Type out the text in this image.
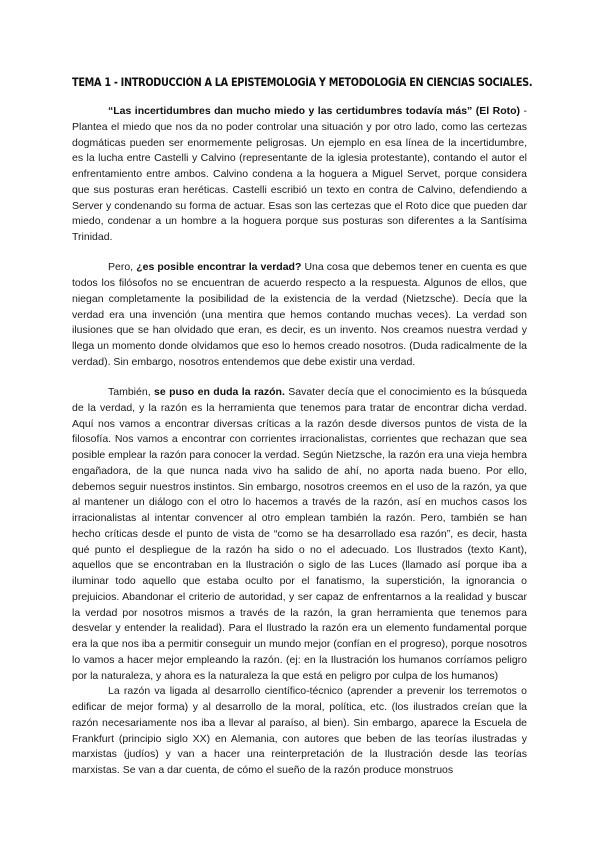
TEMA 1 - INTRODUCCIÓN A LA EPISTEMOLOGÍA Y METODOLOGÍA EN CIENCIAS SOCIALES.

“Las incertidumbres dan mucho miedo y las certidumbres todavía más” (El Roto) - Plantea el miedo que nos da no poder controlar una situación y por otro lado, como las certezas dogmáticas pueden ser enormemente peligrosas. Un ejemplo en esa línea de la incertidumbre, es la lucha entre Castelli y Calvino (representante de la iglesia protestante), contando el autor el enfrentamiento entre ambos. Calvino condena a la hoguera a Miguel Servet, porque considera que sus posturas eran heréticas. Castelli escribió un texto en contra de Calvino, defendiendo a Server y condenando su forma de actuar. Esas son las certezas que el Roto dice que pueden dar miedo, condenar a un hombre a la hoguera porque sus posturas son diferentes a la Santísima Trinidad.

Pero, ¿es posible encontrar la verdad? Una cosa que debemos tener en cuenta es que todos los filósofos no se encuentran de acuerdo respecto a la respuesta. Algunos de ellos, que niegan completamente la posibilidad de la existencia de la verdad (Nietzsche). Decía que la verdad era una invención (una mentira que hemos contando muchas veces). La verdad son ilusiones que se han olvidado que eran, es decir, es un invento. Nos creamos nuestra verdad y llega un momento donde olvidamos que eso lo hemos creado nosotros. (Duda radicalmente de la verdad). Sin embargo, nosotros entendemos que debe existir una verdad.

También, se puso en duda la razón. Savater decía que el conocimiento es la búsqueda de la verdad, y la razón es la herramienta que tenemos para tratar de encontrar dicha verdad. Aquí nos vamos a encontrar diversas críticas a la razón desde diversos puntos de vista de la filosofía. Nos vamos a encontrar con corrientes irracionalistas, corrientes que rechazan que sea posible emplear la razón para conocer la verdad. Según Nietzsche, la razón era una vieja hembra engañadora, de la que nunca nada vivo ha salido de ahí, no aporta nada bueno. Por ello, debemos seguir nuestros instintos. Sin embargo, nosotros creemos en el uso de la razón, ya que al mantener un diálogo con el otro lo hacemos a través de la razón, así en muchos casos los irracionalistas al intentar convencer al otro emplean también la razón. Pero, también se han hecho críticas desde el punto de vista de “como se ha desarrollado esa razón”, es decir, hasta qué punto el despliegue de la razón ha sido o no el adecuado. Los Ilustrados (texto Kant), aquellos que se encontraban en la Ilustración o siglo de las Luces (llamado así porque iba a iluminar todo aquello que estaba oculto por el fanatismo, la superstición, la ignorancia o prejuicios. Abandonar el criterio de autoridad, y ser capaz de enfrentarnos a la realidad y buscar la verdad por nosotros mismos a través de la razón, la gran herramienta que tenemos para desvelar y entender la realidad). Para el Ilustrado la razón era un elemento fundamental porque era la que nos iba a permitir conseguir un mundo mejor (confían en el progreso), porque nosotros lo vamos a hacer mejor empleando la razón. (ej: en la Ilustración los humanos corríamos peligro por la naturaleza, y ahora es la naturaleza la que está en peligro por culpa de los humanos)

La razón va ligada al desarrollo científico-técnico (aprender a prevenir los terremotos o edificar de mejor forma) y al desarrollo de la moral, política, etc. (los ilustrados creían que la razón necesariamente nos iba a llevar al paraíso, al bien). Sin embargo, aparece la Escuela de Frankfurt (principio siglo XX) en Alemania, con autores que beben de las teorías ilustradas y marxistas (judíos) y van a hacer una reinterpretación de la Ilustración desde las teorías marxistas. Se van a dar cuenta, de cómo el sueño de la razón produce monstruos
